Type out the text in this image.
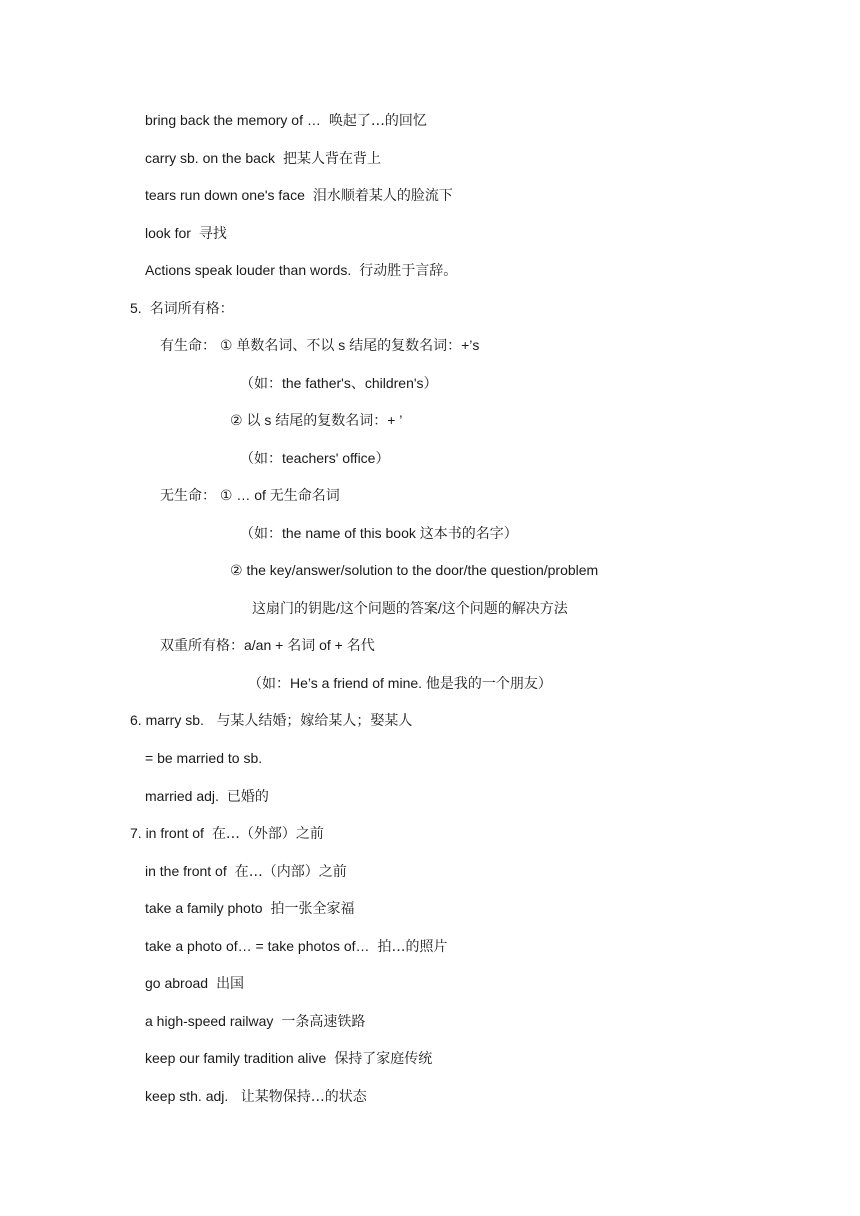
bring back the memory of … 唤起了…的回忆
carry sb. on the back 把某人背在背上
tears run down one's face 泪水顺着某人的脸流下
look for 寻找
Actions speak louder than words. 行动胜于言辞。
5. 名词所有格：
有生命： ① 单数名词、不以 s 结尾的复数名词：+’s
（如：the father's、children's）
② 以 s 结尾的复数名词：+ ’
（如：teachers' office）
无生命： ① … of 无生命名词
（如：the name of this book 这本书的名字）
② the key/answer/solution to the door/the question/problem
这扇门的钥匙/这个问题的答案/这个问题的解决方法
双重所有格：a/an + 名词 of + 名代
（如：He’s a friend of mine. 他是我的一个朋友）
6. marry sb. 与某人结婚；嫁给某人；娶某人
= be married to sb.
married adj. 已婚的
7. in front of 在…（外部）之前
in the front of 在…（内部）之前
take a family photo 拍一张全家福
take a photo of… = take photos of… 拍…的照片
go abroad 出国
a high-speed railway 一条高速铁路
keep our family tradition alive 保持了家庭传统
keep sth. adj. 让某物保持…的状态
